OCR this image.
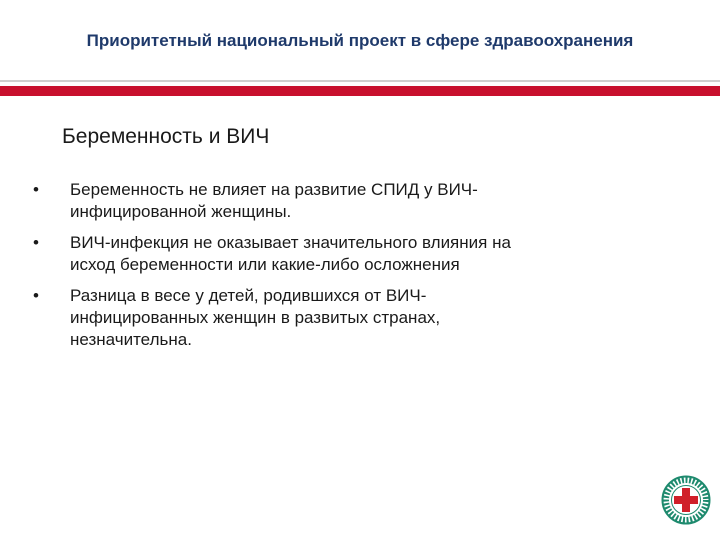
Приоритетный национальный проект в сфере здравоохранения
Беременность и ВИЧ
• Беременность не влияет на развитие СПИД у ВИЧ-
инфицированной женщины.
• ВИЧ-инфекция не оказывает значительного влияния на
исход беременности или какие-либо осложнения
• Разница в весе у детей, родившихся от ВИЧ-
инфицированных женщин в развитых странах,
незначительна.
